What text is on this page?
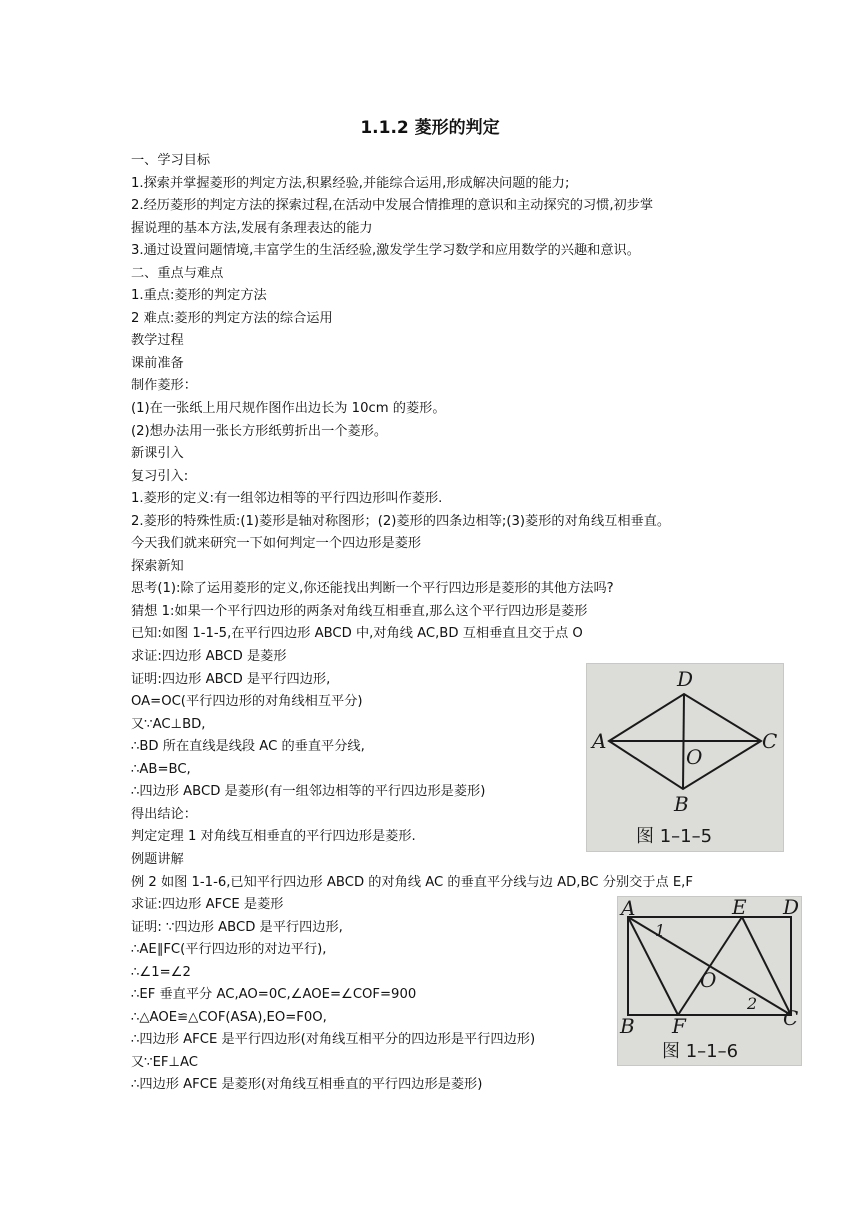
1.1.2 菱形的判定
一、学习目标
1.探索并掌握菱形的判定方法,积累经验,并能综合运用,形成解决问题的能力;
2.经历菱形的判定方法的探索过程,在活动中发展合情推理的意识和主动探究的习惯,初步掌
握说理的基本方法,发展有条理表达的能力
3.通过设置问题情境,丰富学生的生活经验,激发学生学习数学和应用数学的兴趣和意识。
二、重点与难点
1.重点:菱形的判定方法
2 难点:菱形的判定方法的综合运用
教学过程
课前准备
制作菱形：
(1)在一张纸上用尺规作图作出边长为 10cm 的菱形。
(2)想办法用一张长方形纸剪折出一个菱形。
新课引入
复习引入:
1.菱形的定义:有一组邻边相等的平行四边形叫作菱形.
2.菱形的特殊性质:(1)菱形是轴对称图形；(2)菱形的四条边相等;(3)菱形的对角线互相垂直。
今天我们就来研究一下如何判定一个四边形是菱形
探索新知
思考(1):除了运用菱形的定义,你还能找出判断一个平行四边形是菱形的其他方法吗?
猜想 1:如果一个平行四边形的两条对角线互相垂直,那么这个平行四边形是菱形
已知:如图 1-1-5,在平行四边形 ABCD 中,对角线 AC,BD 互相垂直且交于点 O
求证:四边形 ABCD 是菱形
证明:四边形 ABCD 是平行四边形,
OA=OC(平行四边形的对角线相互平分)
又∵AC⊥BD,
∴BD 所在直线是线段 AC 的垂直平分线,
∴AB=BC,
∴四边形 ABCD 是菱形(有一组邻边相等的平行四边形是菱形)
得出结论：
判定定理 1 对角线互相垂直的平行四边形是菱形.
例题讲解
例 2 如图 1-1-6,已知平行四边形 ABCD 的对角线 AC 的垂直平分线与边 AD,BC 分别交于点 E,F
求证:四边形 AFCE 是菱形
证明: ∵四边形 ABCD 是平行四边形,
∴AE∥FC(平行四边形的对边平行),
∴∠1=∠2
∴EF 垂直平分 AC,AO=0C,∠AOE=∠COF=900
∴△AOE≌△COF(ASA),EO=F0O,
∴四边形 AFCE 是平行四边形(对角线互相平分的四边形是平行四边形)
又∵EF⊥AC
∴四边形 AFCE 是菱形(对角线互相垂直的平行四边形是菱形)
D
A	C
O
B
图 1–1–5
A	E D
1
O
2
B F	C
图 1–1–6
